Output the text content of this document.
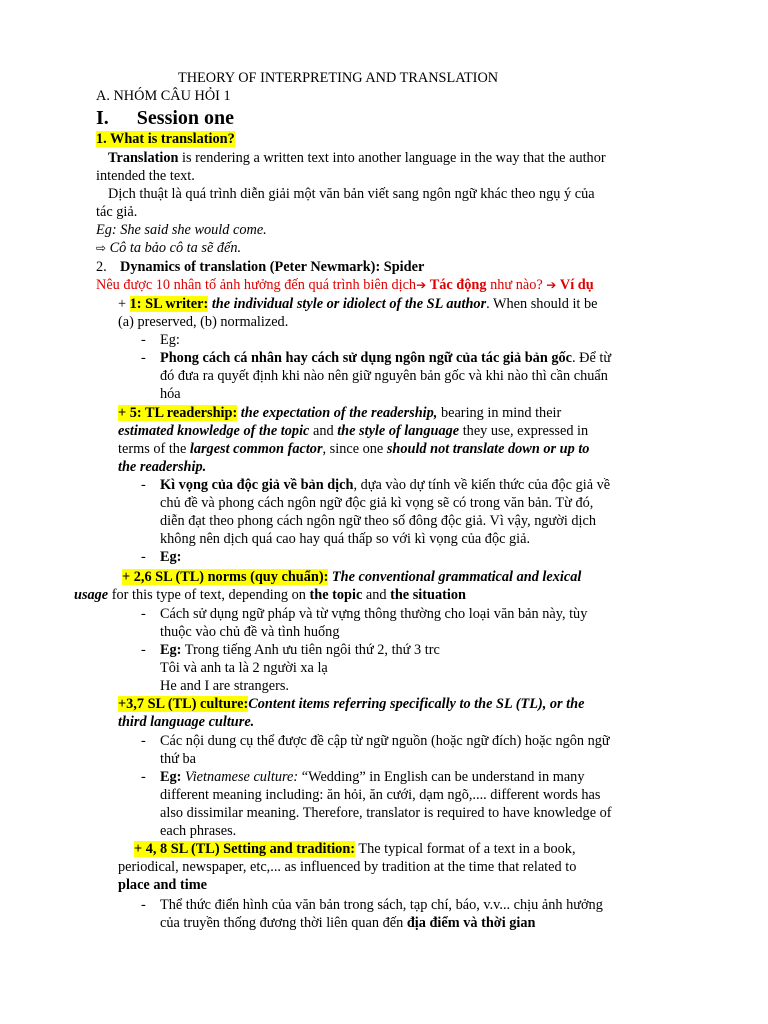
THEORY OF INTERPRETING AND TRANSLATION
A. NHÓM CÂU HỎI 1
I. Session one
1. What is translation?
Translation is rendering a written text into another language in the way that the author
intended the text.
Dịch thuật là quá trình diễn giải một văn bản viết sang ngôn ngữ khác theo ngụ ý của
tác giả.
Eg: She said she would come.
⇨ Cô ta bảo cô ta sẽ đến.
2. Dynamics of translation (Peter Newmark): Spider
Nêu được 10 nhân tố ảnh hưởng đến quá trình biên dịch➔ Tác động như nào? ➔ Ví dụ
+ 1: SL writer: the individual style or idiolect of the SL author. When should it be
(a) preserved, (b) normalized.
- Eg:
- Phong cách cá nhân hay cách sử dụng ngôn ngữ của tác giả bản gốc. Để từ
đó đưa ra quyết định khi nào nên giữ nguyên bản gốc và khi nào thì cần chuẩn
hóa
+ 5: TL readership: the expectation of the readership, bearing in mind their
estimated knowledge of the topic and the style of language they use, expressed in
terms of the largest common factor, since one should not translate down or up to
the readership.
- Kì vọng của độc giả về bản dịch, dựa vào dự tính về kiến thức của độc giả về
chủ đề và phong cách ngôn ngữ độc giả kì vọng sẽ có trong văn bản. Từ đó,
diễn đạt theo phong cách ngôn ngữ theo số đông độc giả. Vì vậy, người dịch
không nên dịch quá cao hay quá thấp so với kì vọng của độc giả.
- Eg:
+ 2,6 SL (TL) norms (quy chuẩn): The conventional grammatical and lexical
usage for this type of text, depending on the topic and the situation
- Cách sử dụng ngữ pháp và từ vựng thông thường cho loại văn bản này, tùy
thuộc vào chủ đề và tình huống
- Eg: Trong tiếng Anh ưu tiên ngôi thứ 2, thứ 3 trc
Tôi và anh ta là 2 người xa lạ
He and I are strangers.
+3,7 SL (TL) culture:Content items referring specifically to the SL (TL), or the
third language culture.
- Các nội dung cụ thể được đề cập từ ngữ nguồn (hoặc ngữ đích) hoặc ngôn ngữ
thứ ba
- Eg: Vietnamese culture: “Wedding” in English can be understand in many
different meaning including: ăn hỏi, ăn cưới, dạm ngõ,.... different words has
also dissimilar meaning. Therefore, translator is required to have knowledge of
each phrases.
+ 4, 8 SL (TL) Setting and tradition: The typical format of a text in a book,
periodical, newspaper, etc,... as influenced by tradition at the time that related to
place and time
- Thể thức điển hình của văn bản trong sách, tạp chí, báo, v.v... chịu ảnh hưởng
của truyền thống đương thời liên quan đến địa điểm và thời gian
